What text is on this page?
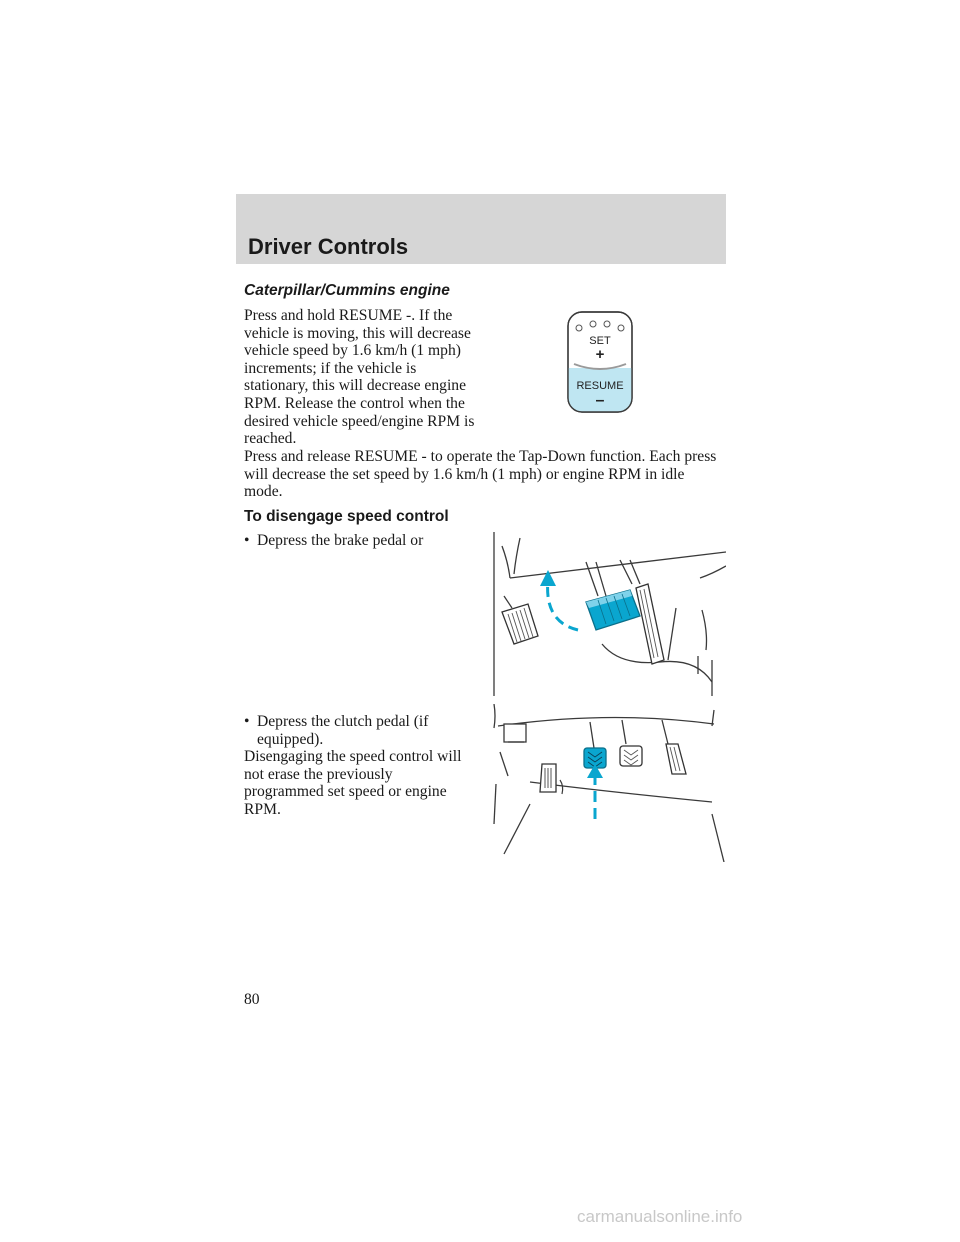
Driver Controls
Caterpillar/Cummins engine

Press and hold RESUME -. If the vehicle is moving, this will decrease vehicle speed by 1.6 km/h (1 mph) increments; if the vehicle is stationary, this will decrease engine RPM. Release the control when the desired vehicle speed/engine RPM is reached.

SET
+
RESUME
–

Press and release RESUME - to operate the Tap-Down function. Each press will decrease the set speed by 1.6 km/h (1 mph) or engine RPM in idle mode.

To disengage speed control
• Depress the brake pedal or
• Depress the clutch pedal (if equipped).

Disengaging the speed control will not erase the previously programmed set speed or engine RPM.

80
carmanualsonline.info
